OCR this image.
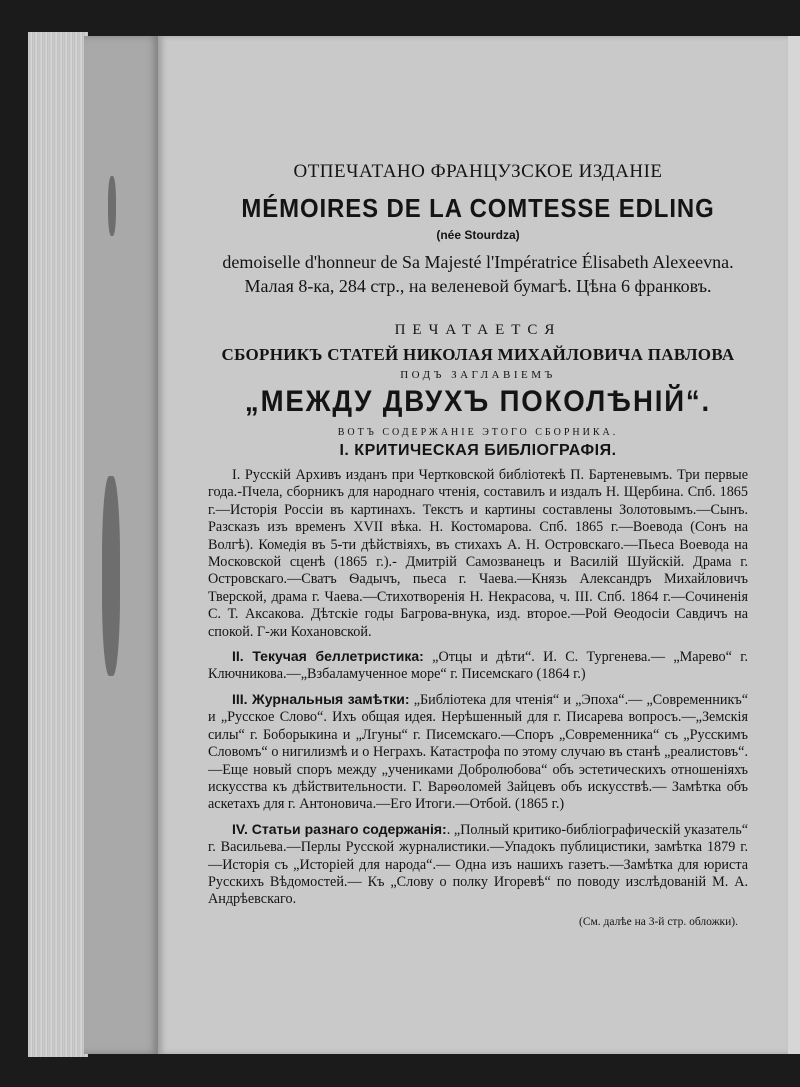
ОТПЕЧАТАНО ФРАНЦУЗСКОЕ ИЗДАНІЕ
MÉMOIRES DE LA COMTESSE EDLING
(née Stourdza)

demoiselle d'honneur de Sa Majesté l'Impératrice Élisabeth Alexeevna. Малая 8-ка, 284 стр., на веленевой бумагѣ. Цѣна 6 франковъ.

ПЕЧАТАЕТСЯ
СБОРНИКЪ СТАТЕЙ НИКОЛАЯ МИХАЙЛОВИЧА ПАВЛОВА
ПОДЪ ЗАГЛАВІЕМЪ
„МЕЖДУ ДВУХЪ ПОКОЛѢНІЙ“.
ВОТЪ СОДЕРЖАНІЕ ЭТОГО СБОРНИКА.
I. КРИТИЧЕСКАЯ БИБЛІОГРАФІЯ.

I. Русскій Архивъ изданъ при Чертковской библіотекѣ П. Бартеневымъ. Три первые года.-Пчела, сборникъ для народнаго чтенія, составилъ и издалъ Н. Щербина. Спб. 1865 г.—Исторія Россіи въ картинахъ. Текстъ и картины составлены Золотовымъ.—Сынъ. Разсказъ изъ временъ XVII вѣка. Н. Костомарова. Спб. 1865 г.—Воевода (Сонъ на Волгѣ). Комедія въ 5-ти дѣйствіяхъ, въ стихахъ А. Н. Островскаго.—Пьеса Воевода на Московской сценѣ (1865 г.).- Дмитрій Самозванецъ и Василій Шуйскій. Драма г. Островскаго.—Сватъ Ѳадычъ, пьеса г. Чаева.—Князь Александръ Михайловичъ Тверской, драма г. Чаева.—Стихотворенія Н. Некрасова, ч. III. Спб. 1864 г.—Сочиненія С. Т. Аксакова. Дѣтскіе годы Багрова-внука, изд. второе.—Рой Ѳеодосіи Савдичъ на спокой. Г-жи Кохановской.

II. Текучая беллетристика: „Отцы и дѣти“. И. С. Тургенева.— „Марево“ г. Ключникова.—„Взбаламученное море“ г. Писемскаго (1864 г.)

III. Журнальныя замѣтки: „Библіотека для чтенія“ и „Эпоха“.— „Современникъ“ и „Русское Слово“. Ихъ общая идея. Нерѣшенный для г. Писарева вопросъ.—„Земскія силы“ г. Боборыкина и „Лгуны“ г. Писемскаго.—Споръ „Современника“ съ „Русскимъ Словомъ“ о нигилизмѣ и о Неграхъ. Катастрофа по этому случаю въ станѣ „реалистовъ“.—Еще новый споръ между „учениками Добролюбова“ объ эстетическихъ отношеніяхъ искусства къ дѣйствительности. Г. Варѳоломей Зайцевъ объ искусствѣ.— Замѣтка объ аскетахъ для г. Антоновича.—Его Итоги.—Отбой. (1865 г.)

IV. Статьи разнаго содержанія:. „Полный критико-библіографическій указатель“ г. Васильева.—Перлы Русской журналистики.—Упадокъ публицистики, замѣтка 1879 г.—Исторія съ „Исторіей для народа“.— Одна изъ нашихъ газетъ.—Замѣтка для юриста Русскихъ Вѣдомостей.— Къ „Слову о полку Игоревѣ“ по поводу изслѣдованій М. А. Андрѣевскаго.

(См. далѣе на 3-й стр. обложки).
